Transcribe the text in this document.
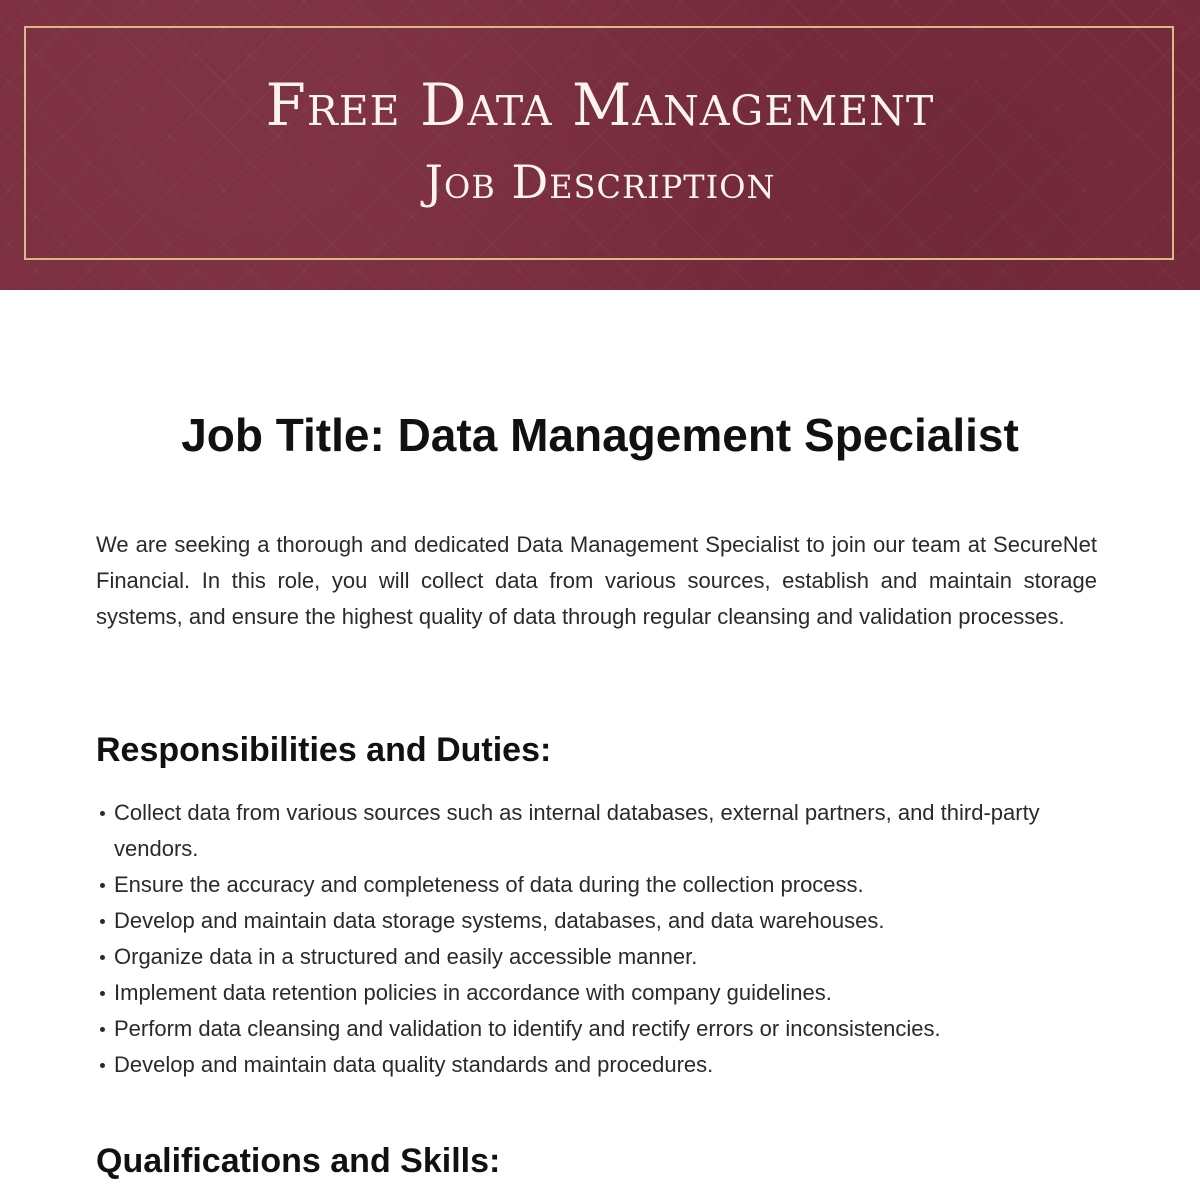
Free Data Management
Job Description
Job Title: Data Management Specialist

We are seeking a thorough and dedicated Data Management Specialist to join our team at SecureNet Financial. In this role, you will collect data from various sources, establish and maintain storage systems, and ensure the highest quality of data through regular cleansing and validation processes.

Responsibilities and Duties:
Collect data from various sources such as internal databases, external partners, and third-party vendors.
Ensure the accuracy and completeness of data during the collection process.
Develop and maintain data storage systems, databases, and data warehouses.
Organize data in a structured and easily accessible manner.
Implement data retention policies in accordance with company guidelines.
Perform data cleansing and validation to identify and rectify errors or inconsistencies.
Develop and maintain data quality standards and procedures.
Qualifications and Skills:
